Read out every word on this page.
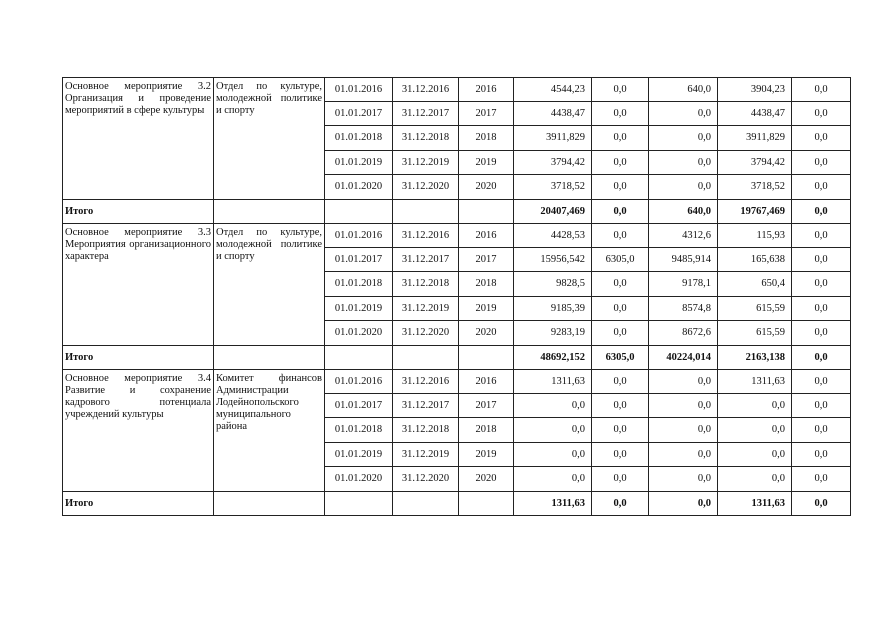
Основное мероприятие 3.2 Организация и проведение мероприятий в сфере культуры	Отдел по культуре, молодежной политике и спорту	01.01.2016	31.12.2016	2016	4544,23	0,0	640,0	3904,23	0,0
		01.01.2017	31.12.2017	2017	4438,47	0,0	0,0	4438,47	0,0
		01.01.2018	31.12.2018	2018	3911,829	0,0	0,0	3911,829	0,0
		01.01.2019	31.12.2019	2019	3794,42	0,0	0,0	3794,42	0,0
		01.01.2020	31.12.2020	2020	3718,52	0,0	0,0	3718,52	0,0
Итого					20407,469	0,0	640,0	19767,469	0,0
Основное мероприятие 3.3 Мероприятия организационного характера	Отдел по культуре, молодежной политике и спорту	01.01.2016	31.12.2016	2016	4428,53	0,0	4312,6	115,93	0,0
		01.01.2017	31.12.2017	2017	15956,542	6305,0	9485,914	165,638	0,0
		01.01.2018	31.12.2018	2018	9828,5	0,0	9178,1	650,4	0,0
		01.01.2019	31.12.2019	2019	9185,39	0,0	8574,8	615,59	0,0
		01.01.2020	31.12.2020	2020	9283,19	0,0	8672,6	615,59	0,0
Итого					48692,152	6305,0	40224,014	2163,138	0,0
Основное мероприятие 3.4 Развитие и сохранение кадрового потенциала учреждений культуры	Комитет финансов Администрации Лодейнопольского муниципального района	01.01.2016	31.12.2016	2016	1311,63	0,0	0,0	1311,63	0,0
		01.01.2017	31.12.2017	2017	0,0	0,0	0,0	0,0	0,0
		01.01.2018	31.12.2018	2018	0,0	0,0	0,0	0,0	0,0
		01.01.2019	31.12.2019	2019	0,0	0,0	0,0	0,0	0,0
		01.01.2020	31.12.2020	2020	0,0	0,0	0,0	0,0	0,0
Итого					1311,63	0,0	0,0	1311,63	0,0
